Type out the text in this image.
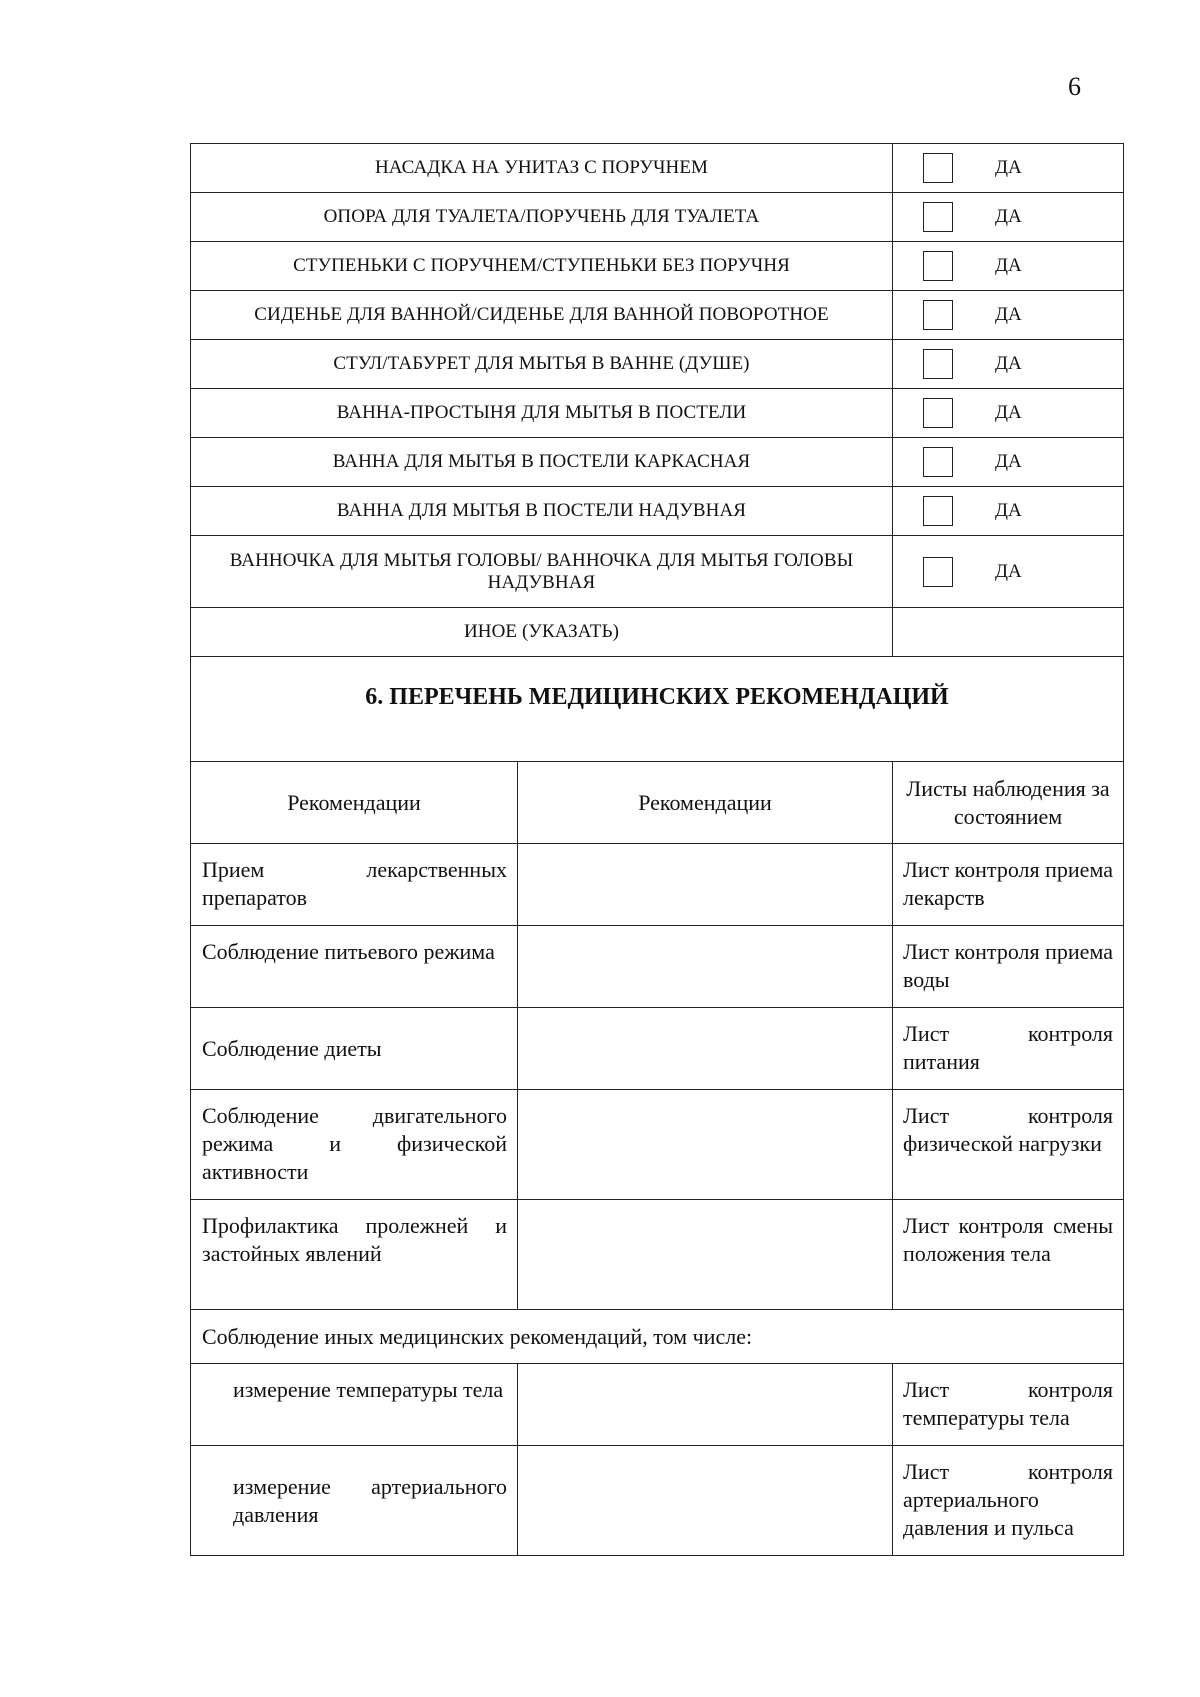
6
НАСАДКА НА УНИТАЗ С ПОРУЧНЕМ		ДА

ОПОРА ДЛЯ ТУАЛЕТА/ПОРУЧЕНЬ ДЛЯ ТУАЛЕТА		ДА

СТУПЕНЬКИ С ПОРУЧНЕМ/СТУПЕНЬКИ БЕЗ ПОРУЧНЯ		ДА

СИДЕНЬЕ ДЛЯ ВАННОЙ/СИДЕНЬЕ ДЛЯ ВАННОЙ ПОВОРОТНОЕ		ДА

СТУЛ/ТАБУРЕТ ДЛЯ МЫТЬЯ В ВАННЕ (ДУШЕ)		ДА

ВАННА-ПРОСТЫНЯ ДЛЯ МЫТЬЯ В ПОСТЕЛИ		ДА

ВАННА ДЛЯ МЫТЬЯ В ПОСТЕЛИ КАРКАСНАЯ		ДА

ВАННА ДЛЯ МЫТЬЯ В ПОСТЕЛИ НАДУВНАЯ		ДА

ВАННОЧКА ДЛЯ МЫТЬЯ ГОЛОВЫ/ ВАННОЧКА ДЛЯ МЫТЬЯ ГОЛОВЫ НАДУВНАЯ		ДА

ИНОЕ (УКАЗАТЬ)		

6. ПЕРЕЧЕНЬ МЕДИЦИНСКИХ РЕКОМЕНДАЦИЙ		

Рекомендации	Рекомендации	Листы наблюдения за состоянием
Прием лекарственных препаратов		Лист контроля приема лекарств
Соблюдение питьевого режима		Лист контроля приема воды
Соблюдение диеты		Лист контроля питания
Соблюдение двигательного режима и физической активности		Лист контроля физической нагрузки
Профилактика пролежней и застойных явлений		Лист контроля смены положения тела
Соблюдение иных медицинских рекомендаций, том числе:		
измерение температуры тела		Лист контроля температуры тела
измерение артериального давления		Лист контроля артериального давления и пульса
